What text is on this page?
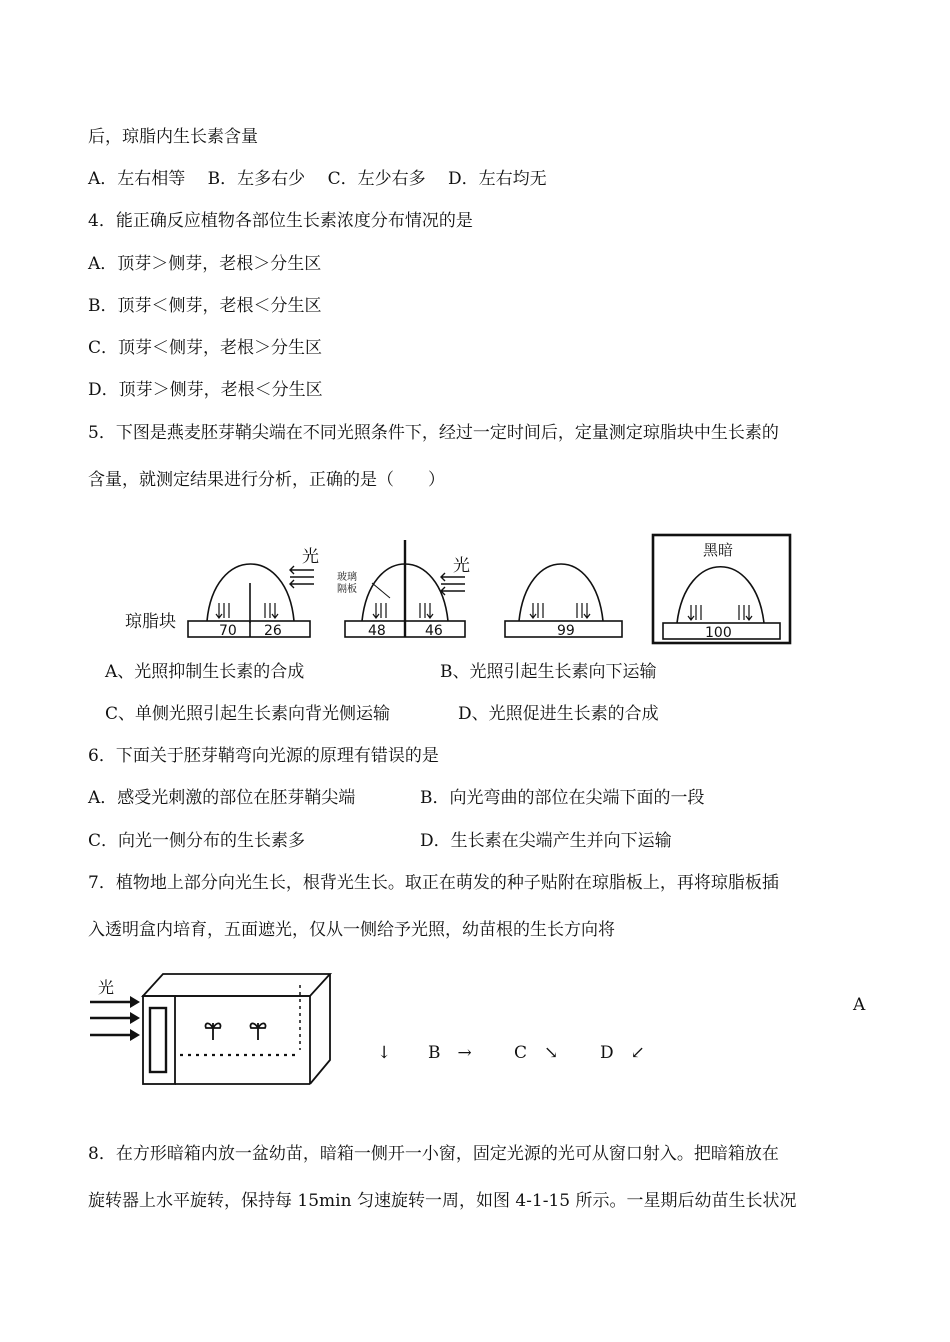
后，琼脂内生长素含量
A．左右相等　 B．左多右少　 C．左少右多　 D．左右均无
4．能正确反应植物各部位生长素浓度分布情况的是
A．顶芽＞侧芽，老根＞分生区
B．顶芽＜侧芽，老根＜分生区
C．顶芽＜侧芽，老根＞分生区
D．顶芽＞侧芽，老根＜分生区
5．下图是燕麦胚芽鞘尖端在不同光照条件下，经过一定时间后，定量测定琼脂块中生长素的
含量，就测定结果进行分析，正确的是（　　）
琼脂块
光	光
玻璃
隔板
黑暗
70 26	48	46	99	100
A、光照抑制生长素的合成	B、光照引起生长素向下运输
C、单侧光照引起生长素向背光侧运输	D、光照促进生长素的合成
6．下面关于胚芽鞘弯向光源的原理有错误的是
A．感受光刺激的部位在胚芽鞘尖端	B．向光弯曲的部位在尖端下面的一段
C．向光一侧分布的生长素多	D．生长素在尖端产生并向下运输
7．植物地上部分向光生长，根背光生长。取正在萌发的种子贴附在琼脂板上，再将琼脂板插
入透明盒内培育，五面遮光，仅从一侧给予光照，幼苗根的生长方向将
光
A
↓ B　→ C　↘ D　↙
8．在方形暗箱内放一盆幼苗，暗箱一侧开一小窗，固定光源的光可从窗口射入。把暗箱放在
旋转器上水平旋转，保持每 15min 匀速旋转一周，如图 4-1-15 所示。一星期后幼苗生长状况
